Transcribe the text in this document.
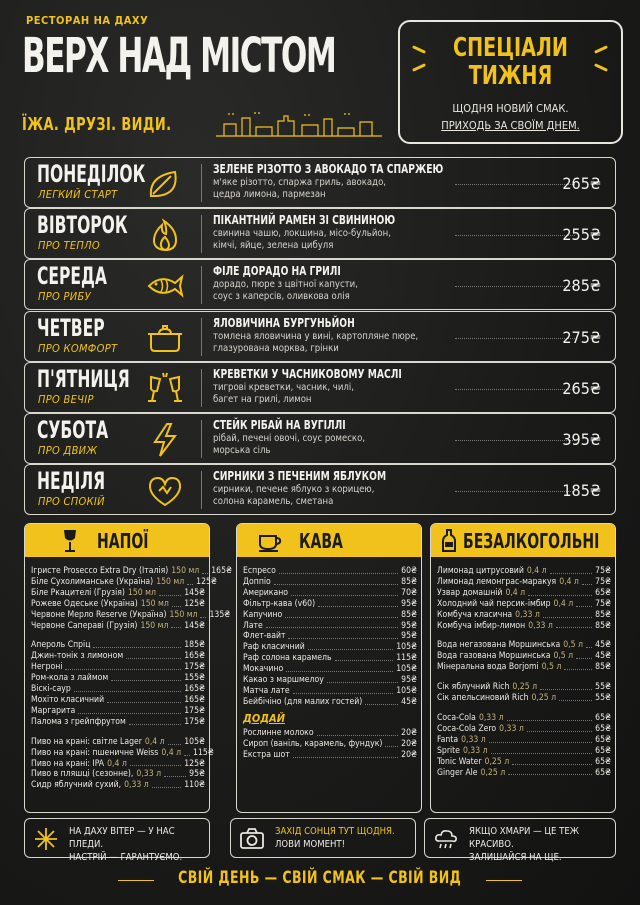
РЕСТОРАН НА ДАХУ
ВЕРХ НАД МІСТОМ
ЇЖА. ДРУЗІ. ВИДИ.
СПЕЦІАЛИ
ТИЖНЯ
ЩОДНЯ НОВИЙ СМАК.
ПРИХОДЬ ЗА СВОЇМ ДНЕМ.
ПОНЕДІЛОК
ЛЕГКИЙ СТАРТ
ЗЕЛЕНЕ РІЗОТТО З АВОКАДО ТА СПАРЖЕЮ
м'яке різотто, спаржа гриль, авокадо,
цедра лимона, пармезан
265₴
ВІВТОРОК
ПРО ТЕПЛО
ПІКАНТНИЙ РАМЕН ЗІ СВИНИНОЮ
свинина чашю, локшина, місо-бульйон,
кімчі, яйце, зелена цибуля
255₴
СЕРЕДА
ПРО РИБУ
ФІЛЕ ДОРАДО НА ГРИЛІ
дорадо, пюре з цвітної капусти,
соус з каперсів, оливкова олія
285₴
ЧЕТВЕР
ПРО КОМФОРТ
ЯЛОВИЧИНА БУРГУНЬЙОН
томлена яловичина у вині, картопляне пюре,
глазурована морква, грінки
275₴
П'ЯТНИЦЯ
ПРО ВЕЧІР
КРЕВЕТКИ У ЧАСНИКОВОМУ МАСЛІ
тигрові креветки, часник, чилі,
багет на грилі, лимон
265₴
СУБОТА
ПРО ДВИЖ
СТЕЙК РІБАЙ НА ВУГІЛЛІ
рібай, печені овочі, соус ромеско,
морська сіль
395₴
НЕДІЛЯ
ПРО СПОКІЙ
СИРНИКИ З ПЕЧЕНИМ ЯБЛУКОМ
сирники, печене яблуко з корицею,
солона карамель, сметана
185₴
НАПОЇ
Ігристе Prosecco Extra Dry (Італія) 150 мл 165₴
Біле Сухолиманське (Україна) 150 мл 125₴
Біле Ркацителі (Грузія) 150 мл	145₴
Рожеве Одеське (Україна) 150 мл 125₴
Червоне Мерло Reserve (Україна) 150 мл 135₴
Червоне Сапераві (Грузія) 150 мл 145₴
Апероль Спріц	185₴
Джин-тонік з лимоном	165₴
Негроні	175₴
Ром-кола з лаймом	155₴
Віскі-саур	165₴
Мохіто класичний	165₴
Маргарита	175₴
Палома з грейпфрутом	175₴
Пиво на крані: світле Lager 0,4 л 105₴
Пиво на крані: пшеничне Weiss 0,4 л 115₴
Пиво на крані: IPA 0,4 л	125₴
Пиво в пляшці (сезонне), 0,33 л	95₴
Сидр яблучний сухий, 0,33 л	110₴
КАВА
Еспресо	60₴
Доппіо	85₴
Американо	70₴
Фільтр-кава (v60)	95₴
Капучино	85₴
Лате	95₴
Флет-вайт	95₴
Раф класичний	105₴
Раф солона карамель	115₴
Мокачино	105₴
Какао з маршмелоу	95₴
Матча лате	105₴
Бейбічіно (для малих гостей)	45₴
ДОДАЙ
Рослинне молоко	20₴
Сироп (ваніль, карамель, фундук) 20₴
Екстра шот	20₴
БЕЗАЛКОГОЛЬНІ
Лимонад цитрусовий 0,4 л	75₴
Лимонад лемонграс-маракуя 0,4 л 75₴
Узвар домашній 0,4 л	65₴
Холодний чай персик-імбир 0,4 л	75₴
Комбуча класична 0,33 л	85₴
Комбуча імбир-лимон 0,33 л	85₴
Вода негазована Моршинська 0,5 л 45₴
Вода газована Моршинська 0,5 л	45₴
Мінеральна вода Borjomi 0,5 л	85₴
Сік яблучний Rich 0,25 л	55₴
Сік апельсиновий Rich 0,25 л	55₴
Coca-Cola 0,33 л	65₴
Coca-Cola Zero 0,33 л	65₴
Fanta 0,33 л	65₴
Sprite 0,33 л	65₴
Tonic Water 0,25 л	65₴
Ginger Ale 0,25 л	65₴
НА ДАХУ ВІТЕР — У НАС ПЛЕДИ.
НАСТРІЙ — ГАРАНТУЄМО.
ЗАХІД СОНЦЯ ТУТ ЩОДНЯ.
ЛОВИ МОМЕНТ!
ЯКЩО ХМАРИ — ЦЕ ТЕЖ КРАСИВО.
ЗАЛИШАЙСЯ НА ЩЕ.
СВІЙ ДЕНЬ — СВІЙ СМАК — СВІЙ ВИД
